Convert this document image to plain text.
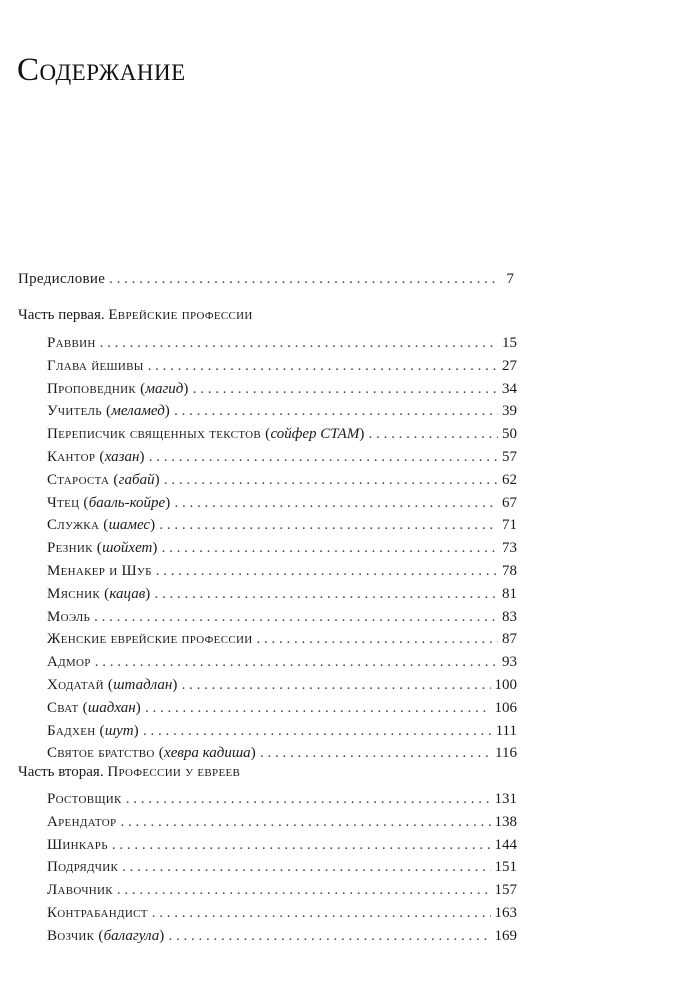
Содержание
Предисловие . . .	7
Часть первая. Еврейские профессии
Раввин . . .	15
Глава йешивы . . .	27
Проповедник (магид) . . .	34
Учитель (меламед) . . .	39
Переписчик священных текстов (сойфер СТАМ) . . .	50
Кантор (хазан) . . .	57
Староста (габай) . . .	62
Чтец (бааль-койре) . . .	67
Служка (шамес) . . .	71
Резник (шойхет) . . .	73
Менакер и Шуб . . .	78
Мясник (кацав) . . .	81
Моэль . . .	83
Женские еврейские профессии . . .	87
Адмор . . .	93
Ходатай (штадлан) . . .	100
Сват (шадхан) . . .	106
Бадхен (шут) . . .	111
Святое братство (хевра кадиша) . . .	116
Часть вторая. Профессии у евреев
Ростовщик . . .	131
Арендатор . . .	138
Шинкарь . . .	144
Подрядчик . . .	151
Лавочник . . .	157
Контрабандист . . .	163
Возчик (балагула) . . .	169
